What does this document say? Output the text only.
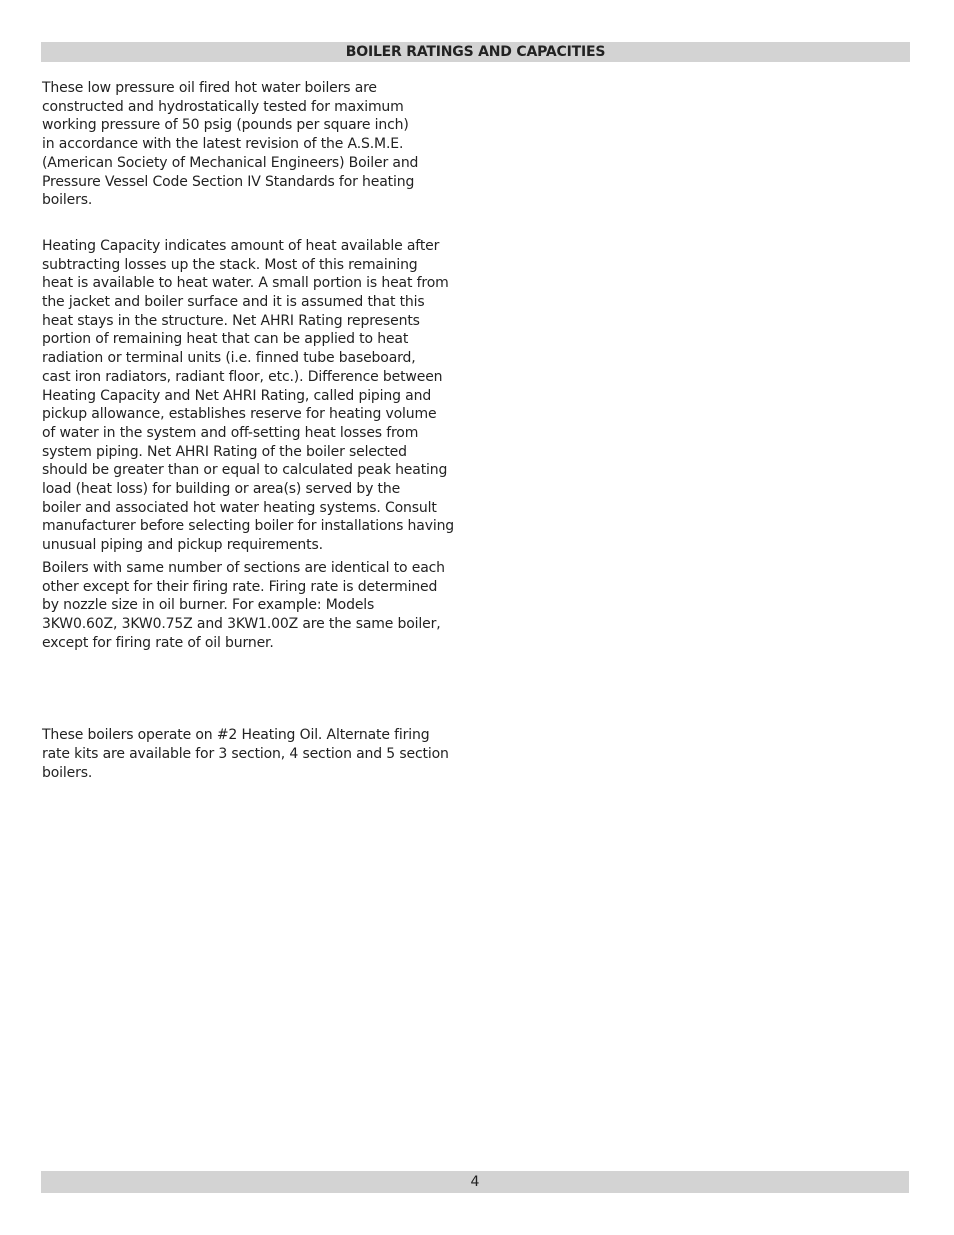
BOILER RATINGS AND CAPACITIES

These low pressure oil fired hot water boilers are
constructed and hydrostatically tested for maximum
working pressure of 50 psig (pounds per square inch)
in accordance with the latest revision of the A.S.M.E.
(American Society of Mechanical Engineers) Boiler and
Pressure Vessel Code Section IV Standards for heating
boilers.

Heating Capacity indicates amount of heat available after
subtracting losses up the stack. Most of this remaining
heat is available to heat water. A small portion is heat from
the jacket and boiler surface and it is assumed that this
heat stays in the structure. Net AHRI Rating represents
portion of remaining heat that can be applied to heat
radiation or terminal units (i.e. finned tube baseboard,
cast iron radiators, radiant floor, etc.). Difference between
Heating Capacity and Net AHRI Rating, called piping and
pickup allowance, establishes reserve for heating volume
of water in the system and off-setting heat losses from
system piping. Net AHRI Rating of the boiler selected
should be greater than or equal to calculated peak heating
load (heat loss) for building or area(s) served by the
boiler and associated hot water heating systems. Consult
manufacturer before selecting boiler for installations having
unusual piping and pickup requirements.

Boilers with same number of sections are identical to each
other except for their firing rate. Firing rate is determined
by nozzle size in oil burner. For example: Models
3KW0.60Z, 3KW0.75Z and 3KW1.00Z are the same boiler,
except for firing rate of oil burner.

These boilers operate on #2 Heating Oil. Alternate firing
rate kits are available for 3 section, 4 section and 5 section
boilers.

4
